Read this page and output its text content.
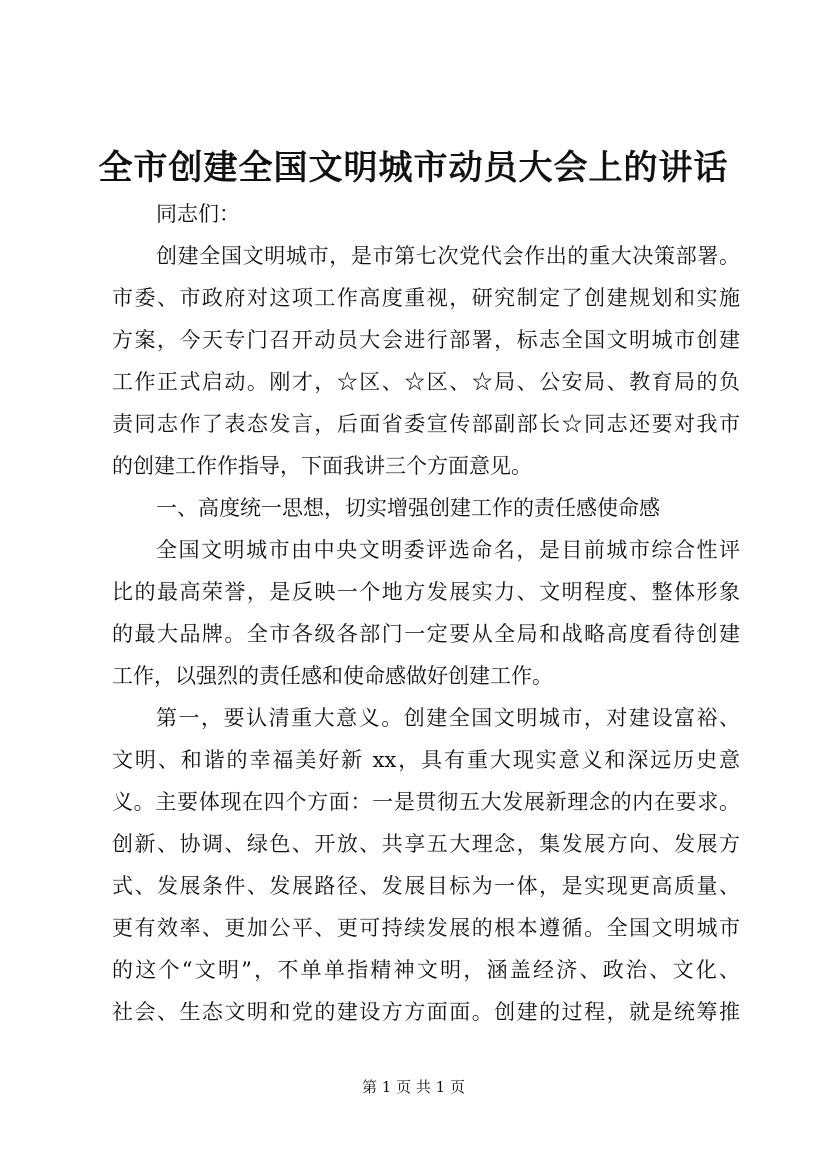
全市创建全国文明城市动员大会上的讲话
同志们：
创建全国文明城市，是市第七次党代会作出的重大决策部署。
市委、市政府对这项工作高度重视，研究制定了创建规划和实施
方案，今天专门召开动员大会进行部署，标志全国文明城市创建
工作正式启动。刚才，☆区、☆区、☆局、公安局、教育局的负
责同志作了表态发言，后面省委宣传部副部长☆同志还要对我市
的创建工作作指导，下面我讲三个方面意见。
一、高度统一思想，切实增强创建工作的责任感使命感
全国文明城市由中央文明委评选命名，是目前城市综合性评
比的最高荣誉，是反映一个地方发展实力、文明程度、整体形象
的最大品牌。全市各级各部门一定要从全局和战略高度看待创建
工作，以强烈的责任感和使命感做好创建工作。
第一，要认清重大意义。创建全国文明城市，对建设富裕、
文明、和谐的幸福美好新 xx，具有重大现实意义和深远历史意
义。主要体现在四个方面：一是贯彻五大发展新理念的内在要求。
创新、协调、绿色、开放、共享五大理念，集发展方向、发展方
式、发展条件、发展路径、发展目标为一体，是实现更高质量、
更有效率、更加公平、更可持续发展的根本遵循。全国文明城市
的这个“文明”，不单单指精神文明，涵盖经济、政治、文化、
社会、生态文明和党的建设方方面面。创建的过程，就是统筹推
第 1 页 共 1 页
